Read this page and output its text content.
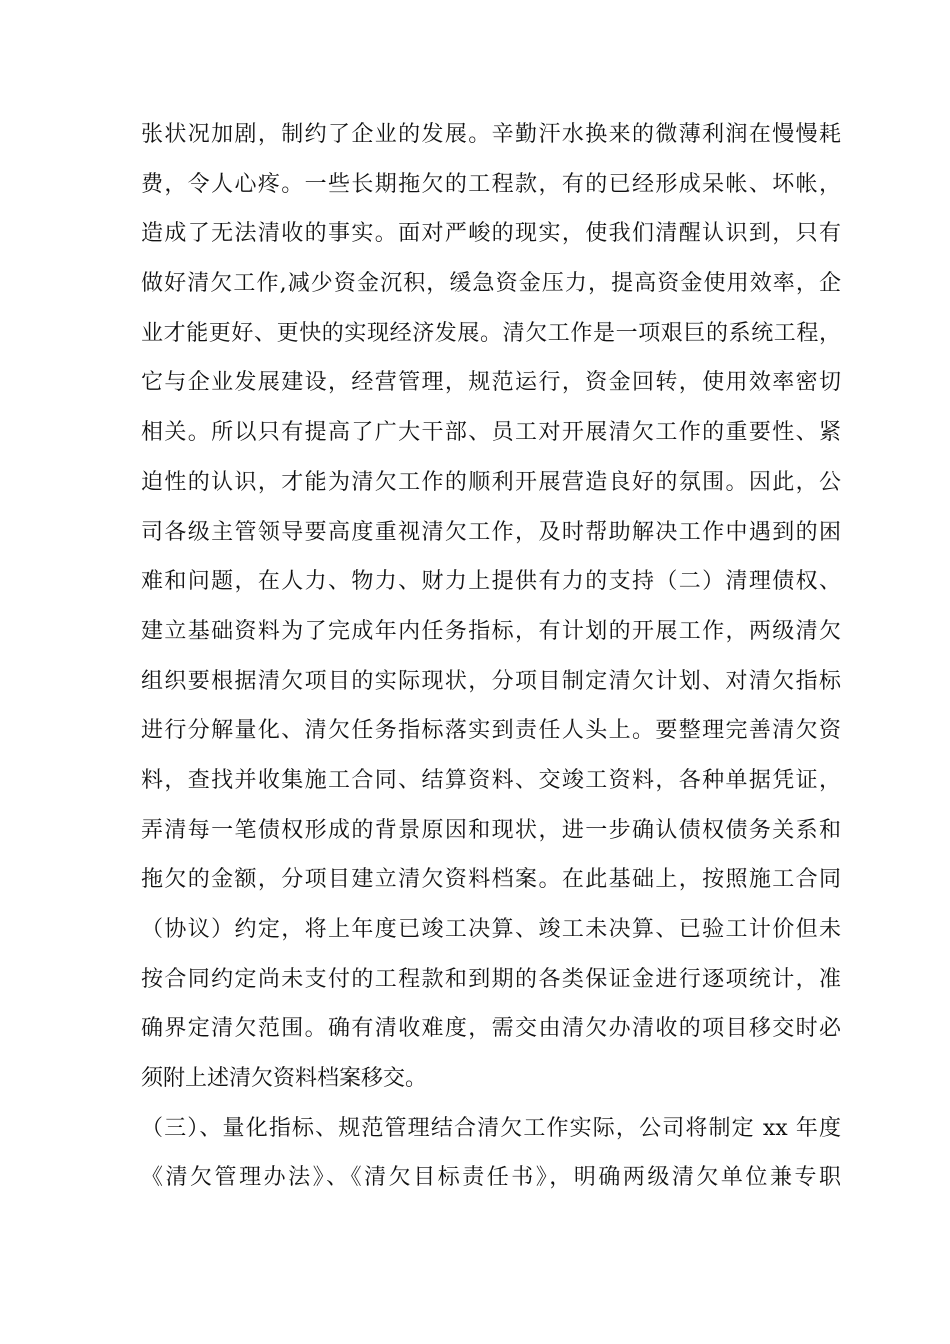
张状况加剧，制约了企业的发展。辛勤汗水换来的微薄利润在慢慢耗
费，令人心疼。一些长期拖欠的工程款，有的已经形成呆帐、坏帐，
造成了无法清收的事实。面对严峻的现实，使我们清醒认识到，只有
做好清欠工作,减少资金沉积，缓急资金压力，提高资金使用效率，企
业才能更好、更快的实现经济发展。清欠工作是一项艰巨的系统工程，
它与企业发展建设，经营管理，规范运行，资金回转，使用效率密切
相关。所以只有提高了广大干部、员工对开展清欠工作的重要性、紧
迫性的认识，才能为清欠工作的顺利开展营造良好的氛围。因此，公
司各级主管领导要高度重视清欠工作，及时帮助解决工作中遇到的困
难和问题，在人力、物力、财力上提供有力的支持（二）清理债权、
建立基础资料为了完成年内任务指标，有计划的开展工作，两级清欠
组织要根据清欠项目的实际现状，分项目制定清欠计划、对清欠指标
进行分解量化、清欠任务指标落实到责任人头上。要整理完善清欠资
料，查找并收集施工合同、结算资料、交竣工资料，各种单据凭证，
弄清每一笔债权形成的背景原因和现状，进一步确认债权债务关系和
拖欠的金额，分项目建立清欠资料档案。在此基础上，按照施工合同
（协议）约定，将上年度已竣工决算、竣工未决算、已验工计价但未
按合同约定尚未支付的工程款和到期的各类保证金进行逐项统计，准
确界定清欠范围。确有清收难度，需交由清欠办清收的项目移交时必
须附上述清欠资料档案移交。
（三）、量化指标、规范管理结合清欠工作实际，公司将制定 xx 年度
《清欠管理办法》、《清欠目标责任书》，明确两级清欠单位兼专职
